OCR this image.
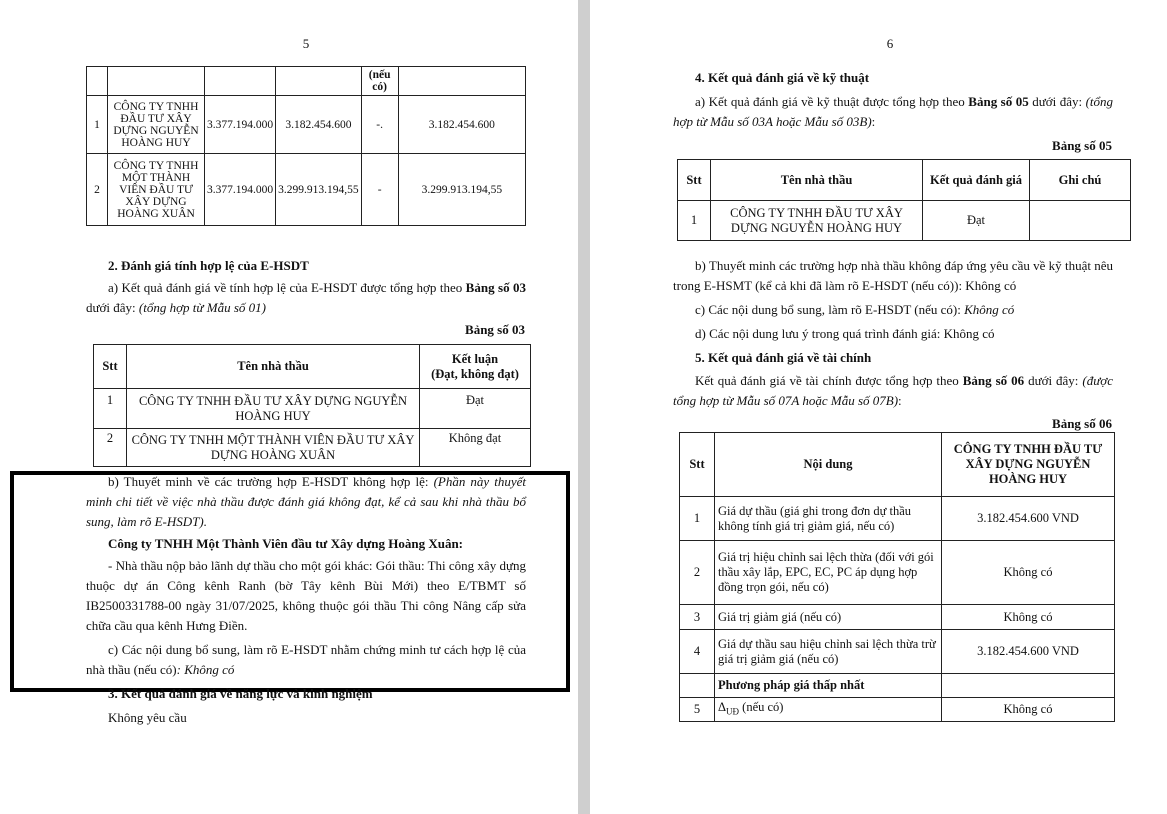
5
				(nếu có)	
1	CÔNG TY TNHH ĐẦU TƯ XÂY DỰNG NGUYỄN HOÀNG HUY	3.377.194.000	3.182.454.600	-.	3.182.454.600
2	CÔNG TY TNHH MỘT THÀNH VIÊN ĐẦU TƯ XÂY DỰNG HOÀNG XUÂN	3.377.194.000	3.299.913.194,55	-	3.299.913.194,55
2. Đánh giá tính hợp lệ của E-HSDT
a) Kết quả đánh giá về tính hợp lệ của E-HSDT được tổng hợp theo Bảng số 03 dưới đây: (tổng hợp từ Mẫu số 01)
Bảng số 03
Stt	Tên nhà thầu	Kết luận
(Đạt, không đạt)

1	CÔNG TY TNHH ĐẦU TƯ XÂY DỰNG NGUYỄN HOÀNG HUY	Đạt
2	CÔNG TY TNHH MỘT THÀNH VIÊN ĐẦU TƯ XÂY DỰNG HOÀNG XUÂN	Không đạt
b) Thuyết minh về các trường hợp E-HSDT không hợp lệ: (Phần này thuyết minh chi tiết về việc nhà thầu được đánh giá không đạt, kể cả sau khi nhà thầu bổ sung, làm rõ E-HSDT).
Công ty TNHH Một Thành Viên đầu tư Xây dựng Hoàng Xuân:
- Nhà thầu nộp bảo lãnh dự thầu cho một gói khác: Gói thầu: Thi công xây dựng thuộc dự án Công kênh Ranh (bờ Tây kênh Bùi Mới) theo E/TBMT số IB2500331788-00 ngày 31/07/2025, không thuộc gói thầu Thi công Nâng cấp sửa chữa cầu qua kênh Hưng Điền.
c) Các nội dung bổ sung, làm rõ E-HSDT nhằm chứng minh tư cách hợp lệ của nhà thầu (nếu có): Không có
3. Kết quả đánh giá về năng lực và kinh nghiệm
Không yêu cầu
6
4. Kết quả đánh giá về kỹ thuật
a) Kết quả đánh giá về kỹ thuật được tổng hợp theo Bảng số 05 dưới đây: (tổng hợp từ Mẫu số 03A hoặc Mẫu số 03B):
Bảng số 05
Stt	Tên nhà thầu	Kết quả đánh giá	Ghi chú
1	CÔNG TY TNHH ĐẦU TƯ XÂY DỰNG NGUYỄN HOÀNG HUY	Đạt	
b) Thuyết minh các trường hợp nhà thầu không đáp ứng yêu cầu về kỹ thuật nêu trong E-HSMT (kể cả khi đã làm rõ E-HSDT (nếu có)): Không có
c) Các nội dung bổ sung, làm rõ E-HSDT (nếu có): Không có
d) Các nội dung lưu ý trong quá trình đánh giá: Không có
5. Kết quả đánh giá về tài chính
Kết quả đánh giá về tài chính được tổng hợp theo Bảng số 06 dưới đây: (được tổng hợp từ Mẫu số 07A hoặc Mẫu số 07B):
Bảng số 06
Stt	Nội dung	CÔNG TY TNHH ĐẦU TƯ XÂY DỰNG NGUYỄN HOÀNG HUY
1	Giá dự thầu (giá ghi trong đơn dự thầu không tính giá trị giảm giá, nếu có)	3.182.454.600 VND
2	Giá trị hiệu chỉnh sai lệch thừa (đối với gói thầu xây lắp, EPC, EC, PC áp dụng hợp đồng trọn gói, nếu có)	Không có
3	Giá trị giảm giá (nếu có)	Không có
4	Giá dự thầu sau hiệu chỉnh sai lệch thừa trừ giá trị giảm giá (nếu có)	3.182.454.600 VND
	Phương pháp giá thấp nhất	
5	$\Delta_{UĐ}$ (nếu có)	Không có
